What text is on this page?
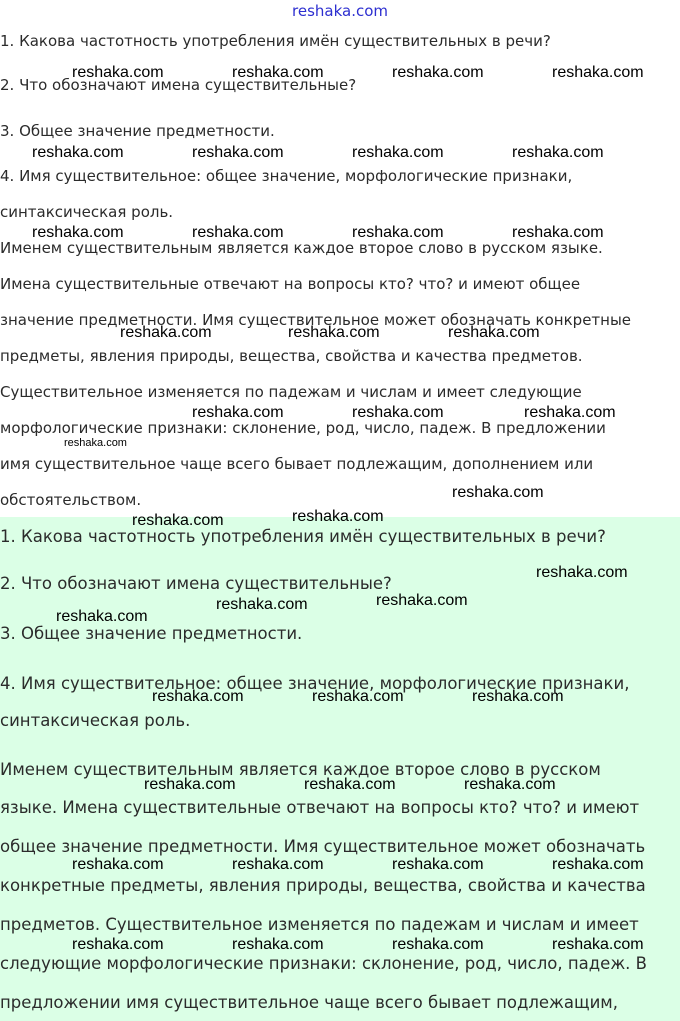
reshaka.com

1. Какова частотность употребления имён существительных в речи?

2. Что обозначают имена существительные?

3. Общее значение предметности.

4. Имя существительное: общее значение, морфологические признаки,

синтаксическая роль.

Именем существительным является каждое второе слово в русском языке.

Имена существительные отвечают на вопросы кто? что? и имеют общее

значение предметности. Имя существительное может обозначать конкретные

предметы, явления природы, вещества, свойства и качества предметов.

Существительное изменяется по падежам и числам и имеет следующие

морфологические признаки: склонение, род, число, падеж. В предложении

имя существительное чаще всего бывает подлежащим, дополнением или

обстоятельством.

1. Какова частотность употребления имён существительных в речи?

2. Что обозначают имена существительные?

3. Общее значение предметности.

4. Имя существительное: общее значение, морфологические признаки,

синтаксическая роль.

Именем существительным является каждое второе слово в русском

языке. Имена существительные отвечают на вопросы кто? что? и имеют

общее значение предметности. Имя существительное может обозначать

конкретные предметы, явления природы, вещества, свойства и качества

предметов. Существительное изменяется по падежам и числам и имеет

следующие морфологические признаки: склонение, род, число, падеж. В

предложении имя существительное чаще всего бывает подлежащим,

reshaka.com	reshaka.com	reshaka.com	reshaka.com
reshaka.com	reshaka.com	reshaka.com	reshaka.com
reshaka.com	reshaka.com	reshaka.com	reshaka.com
reshaka.com	reshaka.com	reshaka.com
reshaka.com	reshaka.com	reshaka.com
reshaka.com
reshaka.com
reshaka.com
reshaka.com
reshaka.com
reshaka.com
reshaka.com
reshaka.com
reshaka.com	reshaka.com	reshaka.com
reshaka.com	reshaka.com	reshaka.com
reshaka.com	reshaka.com	reshaka.com	reshaka.com
reshaka.com	reshaka.com	reshaka.com	reshaka.com
